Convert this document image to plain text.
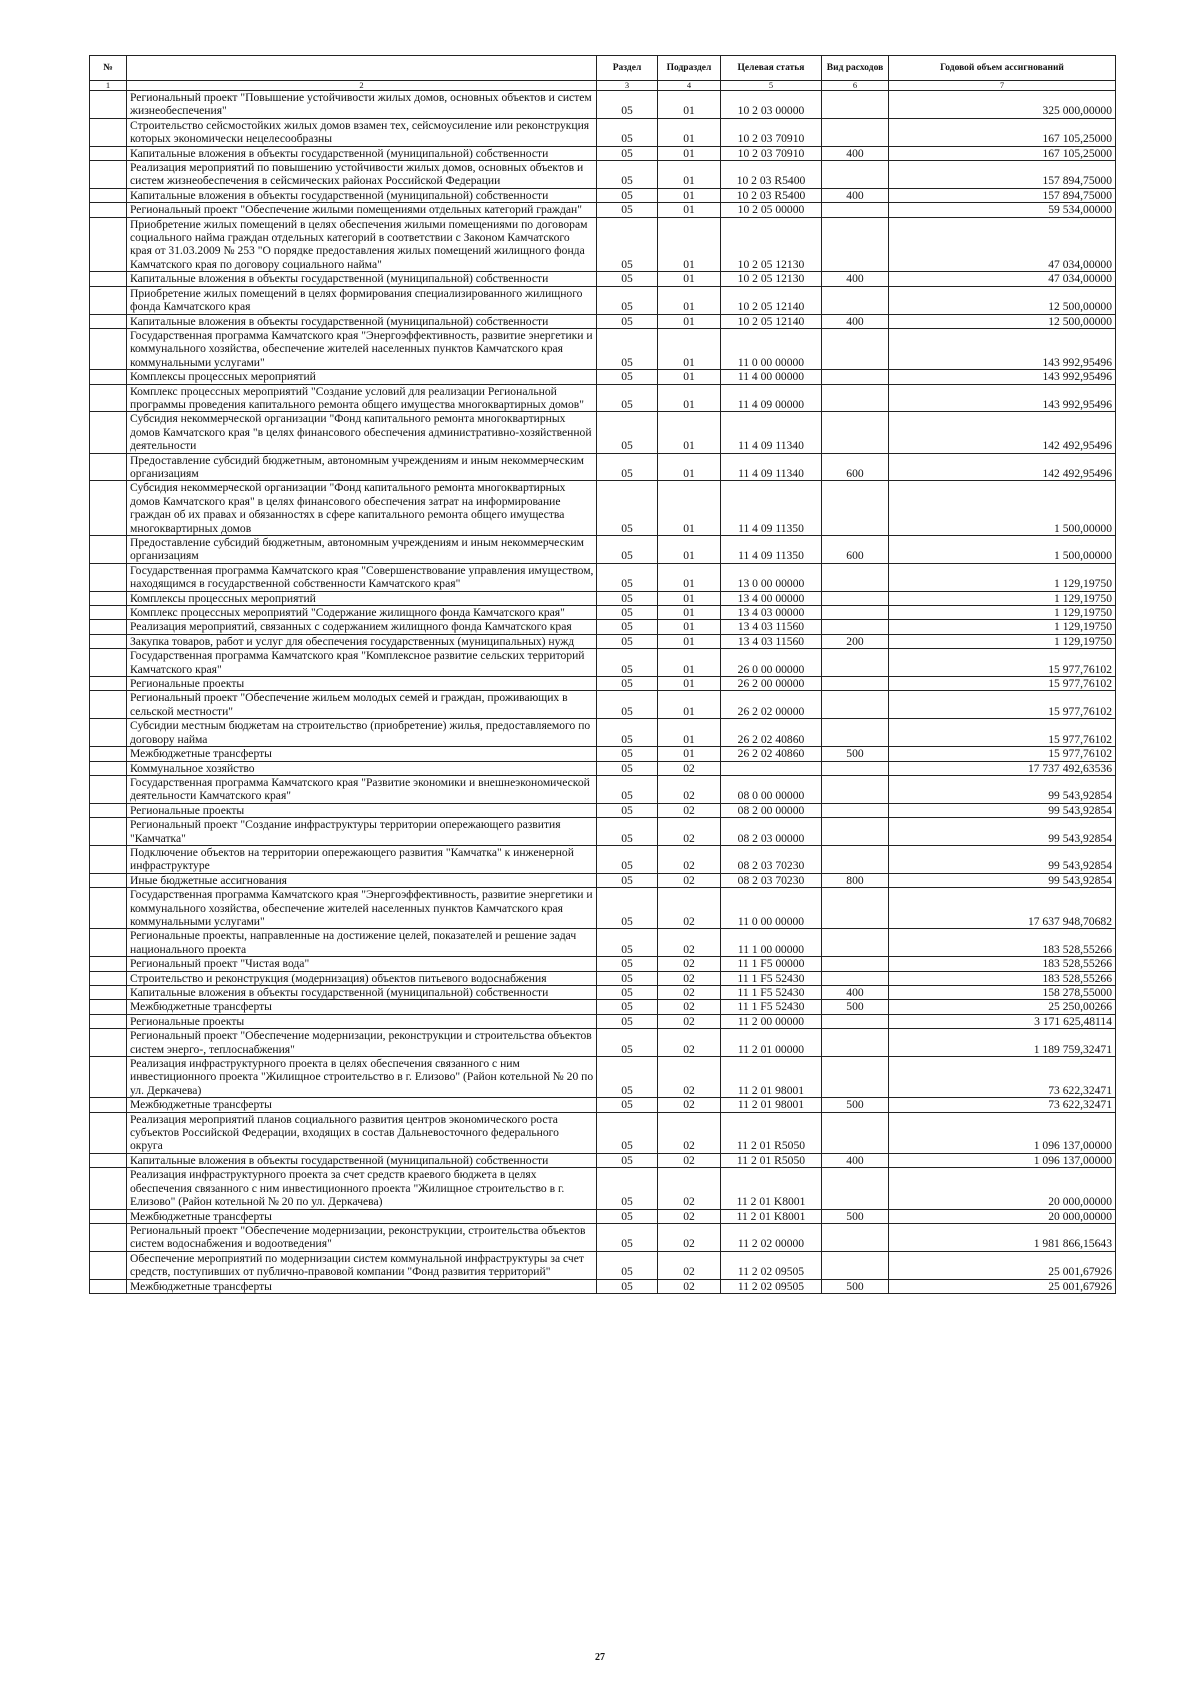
№		Раздел	Подраздел	Целевая статья	Вид расходов	Годовой объем ассигнований
1	2	3	4	5	6	7
	Региональный проект "Повышение устойчивости жилых домов, основных объектов и систем жизнеобеспечения"	05	01	10 2 03 00000		325 000,00000
	Строительство сейсмостойких жилых домов взамен тех, сейсмоусиление или реконструкция которых экономически нецелесообразны	05	01	10 2 03 70910		167 105,25000
	Капитальные вложения в объекты государственной (муниципальной) собственности	05	01	10 2 03 70910	400	167 105,25000
	Реализация мероприятий по повышению устойчивости жилых домов, основных объектов и систем жизнеобеспечения в сейсмических районах Российской Федерации	05	01	10 2 03 R5400		157 894,75000
	Капитальные вложения в объекты государственной (муниципальной) собственности	05	01	10 2 03 R5400	400	157 894,75000
	Региональный проект "Обеспечение жилыми помещениями отдельных категорий граждан"	05	01	10 2 05 00000		59 534,00000
	Приобретение жилых помещений в целях обеспечения жилыми помещениями по договорам социального найма граждан отдельных категорий в соответствии с Законом Камчатского края от 31.03.2009 № 253 "О порядке предоставления жилых помещений жилищного фонда Камчатского края по договору социального найма"	05	01	10 2 05 12130		47 034,00000
	Капитальные вложения в объекты государственной (муниципальной) собственности	05	01	10 2 05 12130	400	47 034,00000
	Приобретение жилых помещений в целях формирования специализированного жилищного фонда Камчатского края	05	01	10 2 05 12140		12 500,00000
	Капитальные вложения в объекты государственной (муниципальной) собственности	05	01	10 2 05 12140	400	12 500,00000
	Государственная программа Камчатского края "Энергоэффективность, развитие энергетики и коммунального хозяйства, обеспечение жителей населенных пунктов Камчатского края коммунальными услугами"	05	01	11 0 00 00000		143 992,95496
	Комплексы процессных мероприятий	05	01	11 4 00 00000		143 992,95496
	Комплекс процессных мероприятий "Создание условий для реализации Региональной программы проведения капитального ремонта общего имущества многоквартирных домов"	05	01	11 4 09 00000		143 992,95496
	Субсидия некоммерческой организации "Фонд капитального ремонта многоквартирных домов Камчатского края "в целях финансового обеспечения административно-хозяйственной деятельности	05	01	11 4 09 11340		142 492,95496
	Предоставление субсидий бюджетным, автономным учреждениям и иным некоммерческим организациям	05	01	11 4 09 11340	600	142 492,95496
	Субсидия некоммерческой организации "Фонд капитального ремонта многоквартирных домов Камчатского края" в целях финансового обеспечения затрат на информирование граждан об их правах и обязанностях в сфере капитального ремонта общего имущества многоквартирных домов	05	01	11 4 09 11350		1 500,00000
	Предоставление субсидий бюджетным, автономным учреждениям и иным некоммерческим организациям	05	01	11 4 09 11350	600	1 500,00000
	Государственная программа Камчатского края "Совершенствование управления имуществом, находящимся в государственной собственности Камчатского края"	05	01	13 0 00 00000		1 129,19750
	Комплексы процессных мероприятий	05	01	13 4 00 00000		1 129,19750
	Комплекс процессных мероприятий "Содержание жилищного фонда Камчатского края"	05	01	13 4 03 00000		1 129,19750
	Реализация мероприятий, связанных с содержанием жилищного фонда Камчатского края	05	01	13 4 03 11560		1 129,19750
	Закупка товаров, работ и услуг для обеспечения государственных (муниципальных) нужд	05	01	13 4 03 11560	200	1 129,19750
	Государственная программа Камчатского края "Комплексное развитие сельских территорий Камчатского края"	05	01	26 0 00 00000		15 977,76102
	Региональные проекты	05	01	26 2 00 00000		15 977,76102
	Региональный проект "Обеспечение жильем молодых семей и граждан, проживающих в сельской местности"	05	01	26 2 02 00000		15 977,76102
	Субсидии местным бюджетам на строительство (приобретение) жилья, предоставляемого по договору найма	05	01	26 2 02 40860		15 977,76102
	Межбюджетные трансферты	05	01	26 2 02 40860	500	15 977,76102
	Коммунальное хозяйство	05	02			17 737 492,63536
	Государственная программа Камчатского края "Развитие экономики и внешнеэкономической деятельности Камчатского края"	05	02	08 0 00 00000		99 543,92854
	Региональные проекты	05	02	08 2 00 00000		99 543,92854
	Региональный проект "Создание инфраструктуры территории опережающего развития "Камчатка"	05	02	08 2 03 00000		99 543,92854
	Подключение объектов на территории опережающего развития "Камчатка" к инженерной инфраструктуре	05	02	08 2 03 70230		99 543,92854
	Иные бюджетные ассигнования	05	02	08 2 03 70230	800	99 543,92854
	Государственная программа Камчатского края "Энергоэффективность, развитие энергетики и коммунального хозяйства, обеспечение жителей населенных пунктов Камчатского края коммунальными услугами"	05	02	11 0 00 00000		17 637 948,70682
	Региональные проекты, направленные на достижение целей, показателей и решение задач национального проекта	05	02	11 1 00 00000		183 528,55266
	Региональный проект "Чистая вода"	05	02	11 1 F5 00000		183 528,55266
	Строительство и реконструкция (модернизация) объектов питьевого водоснабжения	05	02	11 1 F5 52430		183 528,55266
	Капитальные вложения в объекты государственной (муниципальной) собственности	05	02	11 1 F5 52430	400	158 278,55000
	Межбюджетные трансферты	05	02	11 1 F5 52430	500	25 250,00266
	Региональные проекты	05	02	11 2 00 00000		3 171 625,48114
	Региональный проект "Обеспечение модернизации, реконструкции и строительства объектов систем энерго-, теплоснабжения"	05	02	11 2 01 00000		1 189 759,32471
	Реализация инфраструктурного проекта в целях обеспечения связанного с ним инвестиционного проекта "Жилищное строительство в г. Елизово" (Район котельной № 20 по ул. Деркачева)	05	02	11 2 01 98001		73 622,32471
	Межбюджетные трансферты	05	02	11 2 01 98001	500	73 622,32471
	Реализация мероприятий планов социального развития центров экономического роста субъектов Российской Федерации, входящих в состав Дальневосточного федерального округа	05	02	11 2 01 R5050		1 096 137,00000
	Капитальные вложения в объекты государственной (муниципальной) собственности	05	02	11 2 01 R5050	400	1 096 137,00000
	Реализация инфраструктурного проекта за счет средств краевого бюджета в целях обеспечения связанного с ним инвестиционного проекта "Жилищное строительство в г. Елизово" (Район котельной № 20 по ул. Деркачева)	05	02	11 2 01 K8001		20 000,00000
	Межбюджетные трансферты	05	02	11 2 01 K8001	500	20 000,00000
	Региональный проект "Обеспечение модернизации, реконструкции, строительства объектов систем водоснабжения и водоотведения"	05	02	11 2 02 00000		1 981 866,15643
	Обеспечение мероприятий по модернизации систем коммунальной инфраструктуры за счет средств, поступивших от публично-правовой компании "Фонд развития территорий"	05	02	11 2 02 09505		25 001,67926
	Межбюджетные трансферты	05	02	11 2 02 09505	500	25 001,67926
27
